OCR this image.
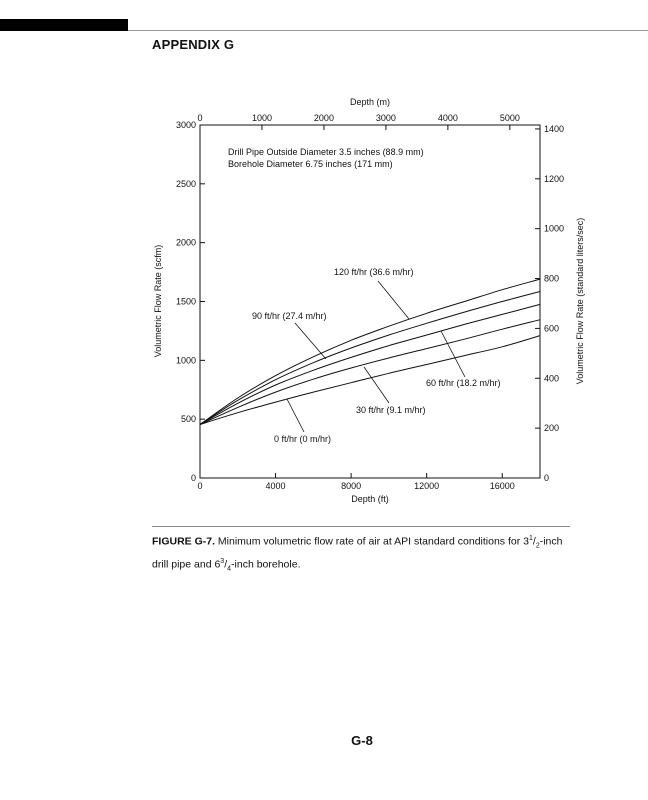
APPENDIX G
Depth (m)
Depth (ft)
Volumetric Flow Rate (scfm)	Volumetric Flow Rate (standard liters/sec)
Drill Pipe Outside Diameter 3.5 inches (88.9 mm)
Borehole Diameter 6.75 inches (171 mm)
0	4000	8000	12000	16000
0	1000	2000	3000	4000	5000
0
500
1000
1500
2000
2500
3000
0
200
400
600
800
1000
1200
1400
120 ft/hr (36.6 m/hr)
90 ft/hr (27.4 m/hr)
60 ft/hr (18.2 m/hr)
30 ft/hr (9.1 m/hr)
0 ft/hr (0 m/hr)
FIGURE G-7. Minimum volumetric flow rate of air at API standard conditions for $3^1/_2$-inch drill pipe and $6^3/_4$-inch borehole.
G-8
